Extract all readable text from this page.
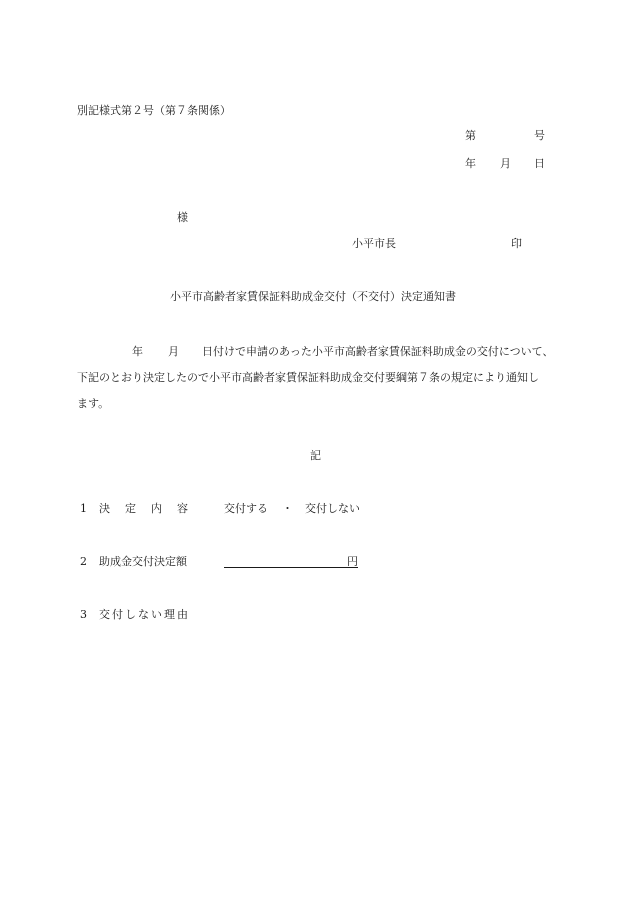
別記様式第２号（第７条関係）
第	号
年 月 日
様
小平市長	印
小平市高齢者家賃保証料助成金交付（不交付）決定通知書
年 月 日付けで申請のあった小平市高齢者家賃保証料助成金の交付について、
下記のとおり決定したので小平市高齢者家賃保証料助成金交付要綱第７条の規定により通知し
ます。
記
1 決 定 内 容	交付する ・ 交付しない
2 助成金交付決定額	円
3 交 付 し な い 理 由
